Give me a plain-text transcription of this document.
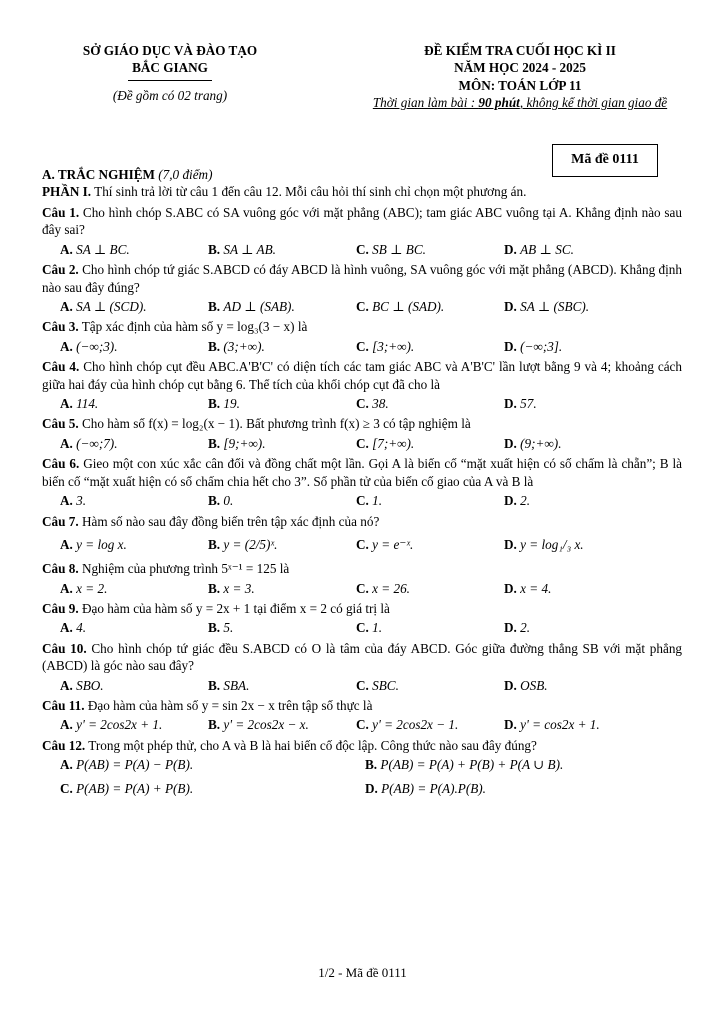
SỞ GIÁO DỤC VÀ ĐÀO TẠO
BẮC GIANG
(Đề gồm có 02 trang)
ĐỀ KIỂM TRA CUỐI HỌC KÌ II
NĂM HỌC 2024 - 2025
MÔN: TOÁN LỚP 11
Thời gian làm bài : 90 phút, không kể thời gian giao đề
Mã đề 0111

A. TRẮC NGHIỆM (7,0 điểm)

PHẦN I. Thí sinh trả lời từ câu 1 đến câu 12. Mỗi câu hỏi thí sinh chỉ chọn một phương án.

Câu 1. Cho hình chóp S.ABC có SA vuông góc với mặt phẳng (ABC); tam giác ABC vuông tại A. Khẳng định nào sau đây sai?

A. SA ⊥ BC.	B. SA ⊥ AB.	C. SB ⊥ BC.	D. AB ⊥ SC.

Câu 2. Cho hình chóp tứ giác S.ABCD có đáy ABCD là hình vuông, SA vuông góc với mặt phẳng (ABCD). Khẳng định nào sau đây đúng?

A. SA ⊥ (SCD).	B. AD ⊥ (SAB).	C. BC ⊥ (SAD).	D. SA ⊥ (SBC).

Câu 3. Tập xác định của hàm số y = log₃(3 − x) là

A. (−∞;3).	B. (3;+∞).	C. [3;+∞).	D. (−∞;3].

Câu 4. Cho hình chóp cụt đều ABC.A'B'C' có diện tích các tam giác ABC và A'B'C' lần lượt bằng 9 và 4; khoảng cách giữa hai đáy của hình chóp cụt bằng 6. Thể tích của khối chóp cụt đã cho là

A. 114.	B. 19.	C. 38.	D. 57.

Câu 5. Cho hàm số f(x) = log₂(x − 1). Bất phương trình f(x) ≥ 3 có tập nghiệm là

A. (−∞;7).	B. [9;+∞).	C. [7;+∞).	D. (9;+∞).

Câu 6. Gieo một con xúc xắc cân đối và đồng chất một lần. Gọi A là biến cố “mặt xuất hiện có số chấm là chẵn”; B là biến cố “mặt xuất hiện có số chấm chia hết cho 3”. Số phần tử của biến cố giao của A và B là

A. 3.	B. 0.	C. 1.	D. 2.

Câu 7. Hàm số nào sau đây đồng biến trên tập xác định của nó?

A. y = log x.	B. y = (2/5)ˣ.	C. y = e⁻ˣ.	D. y = log₁/₃ x.

Câu 8. Nghiệm của phương trình 5ˣ⁻¹ = 125 là

A. x = 2.	B. x = 3.	C. x = 26.	D. x = 4.

Câu 9. Đạo hàm của hàm số y = 2x + 1 tại điểm x = 2 có giá trị là

A. 4.	B. 5.	C. 1.	D. 2.

Câu 10. Cho hình chóp tứ giác đều S.ABCD có O là tâm của đáy ABCD. Góc giữa đường thẳng SB với mặt phẳng (ABCD) là góc nào sau đây?

A. SBO.	B. SBA.	C. SBC.	D. OSB.

Câu 11. Đạo hàm của hàm số y = sin 2x − x trên tập số thực là

A. y' = 2cos2x + 1.	B. y' = 2cos2x − x.	C. y' = 2cos2x − 1.	D. y' = cos2x + 1.

Câu 12. Trong một phép thử, cho A và B là hai biến cố độc lập. Công thức nào sau đây đúng?

A. P(AB) = P(A) − P(B).	B. P(AB) = P(A) + P(B) + P(A ∪ B).
C. P(AB) = P(A) + P(B).	D. P(AB) = P(A).P(B).
1/2 - Mã đề 0111
